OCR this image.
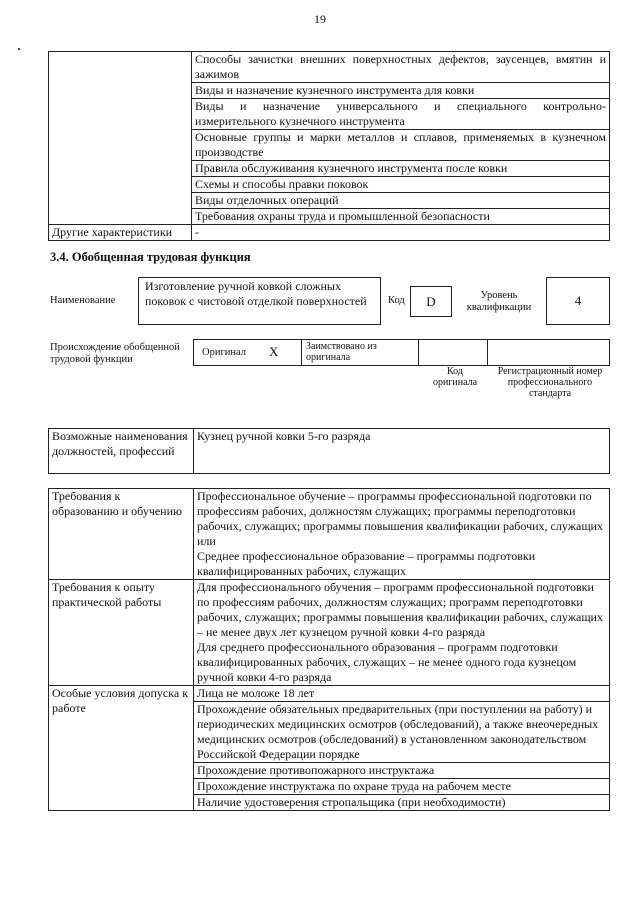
19
	Способы зачистки внешних поверхностных дефектов, заусенцев, вмятин и зажимов
	Виды и назначение кузнечного инструмента для ковки
	Виды и назначение универсального и специального контрольно-измерительного кузнечного инструмента
	Основные группы и марки металлов и сплавов, применяемых в кузнечном производстве
	Правила обслуживания кузнечного инструмента после ковки
	Схемы и способы правки поковок
	Виды отделочных операций
	Требования охраны труда и промышленной безопасности
Другие характеристики	-
3.4. Обобщенная трудовая функция
Наименование
Изготовление ручной ковкой сложных поковок с чистовой отделкой поверхностей	Код	D	Уровень квалификации	4
Происхождение обобщенной трудовой функции
Оригинал X	Заимствовано из оригинала
Код оригинала
Регистрационный номер профессионального стандарта
Возможные наименования должностей, профессий	Кузнец ручной ковки 5-го разряда
Требования к образованию и обучению	Профессиональное обучение – программы профессиональной подготовки по профессиям рабочих, должностям служащих; программы переподготовки рабочих, служащих; программы повышения квалификации рабочих, служащих
или
Среднее профессиональное образование – программы подготовки квалифицированных рабочих, служащих

Требования к опыту практической работы	Для профессионального обучения – программ профессиональной подготовки по профессиям рабочих, должностям служащих; программ переподготовки рабочих, служащих; программы повышения квалификации рабочих, служащих – не менее двух лет кузнецом ручной ковки 4-го разряда
Для среднего профессионального образования – программ подготовки квалифицированных рабочих, служащих – не менее одного года кузнецом ручной ковки 4-го разряда

Особые условия допуска к работе	Лица не моложе 18 лет
	Прохождение обязательных предварительных (при поступлении на работу) и периодических медицинских осмотров (обследований), а также внеочередных медицинских осмотров (обследований) в установленном законодательством Российской Федерации порядке
	Прохождение противопожарного инструктажа
	Прохождение инструктажа по охране труда на рабочем месте
	Наличие удостоверения стропальщика (при необходимости)
